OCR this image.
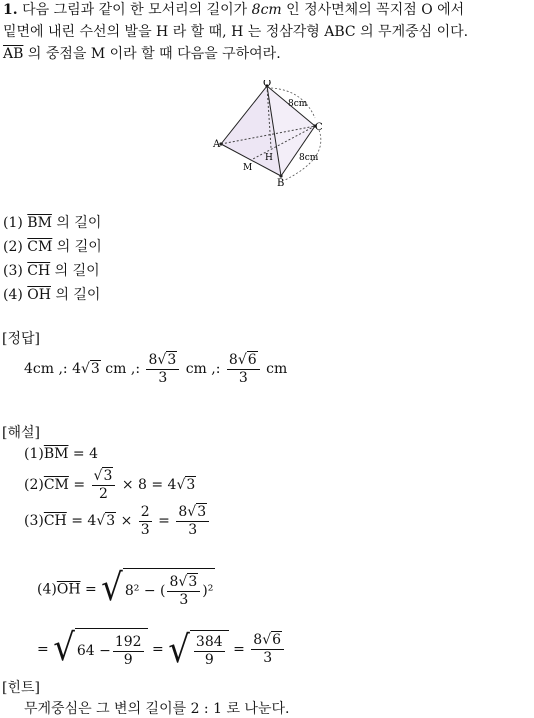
1. 다음 그림과 같이 한 모서리의 길이가 8cm 인 정사면체의 꼭지점 O 에서
밑면에 내린 수선의 발을 H 라 할 때, H 는 정삼각형 ABC 의 무게중심 이다.
$\overline{AB}$ 의 중점을 M 이라 할 때 다음을 구하여라.
O
A
B
C
H
M
8cm
8cm
(1) $\overline{BM}$ 의 길이
(2) $\overline{CM}$ 의 길이
(3) $\overline{CH}$ 의 길이
(4) $\overline{OH}$ 의 길이
[정답]
4cm ,: 4√3 cm ,: $\frac{8√3}{3}$ cm ,: $\frac{8√6}{3}$ cm
[해설]
$(1)\overline{BM} = 4$
$(2)\overline{CM} = \frac{√3}{2} \times 8 = 4√3$
$(3)\overline{CH} = 4√3 \times \frac{2}{3} = \frac{8√3}{3}$
$(4)\overline{OH}$ = √ 8² − ( $\frac{8√3}{3} )^2$
= √ $64 - \frac{192}{9}$ = √ $\frac{384}{9} = \frac{8√6}{3}$
[힌트]
무게중심은 그 변의 길이를 2 : 1 로 나눈다.
